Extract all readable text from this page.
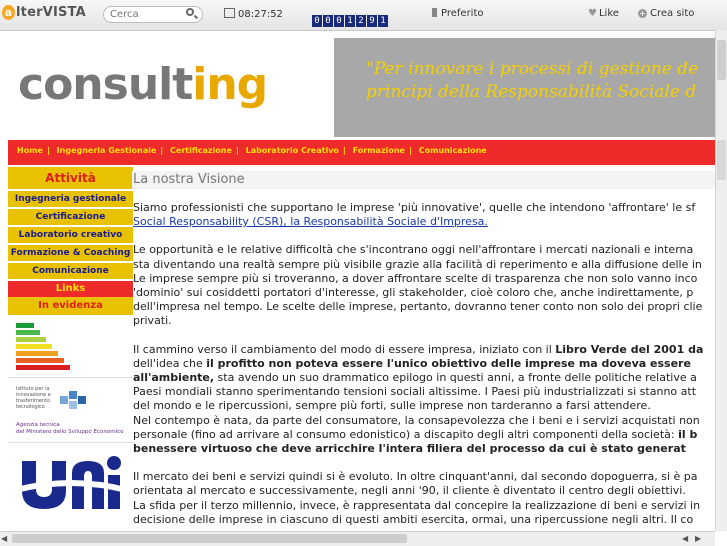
a lterVISTA
Cerca	08:27:52
0 0 0 1 2 9 1
Preferito	♥ Like	+ Crea sito
consulting	"Per innovare i processi di gestione de
principi della Responsabilità Sociale d
Home | Ingegneria Gestionale | Certificazione | Laboratorio Creativo | Formazione | Comunicazione
Attività
Ingegneria gestionale
Certificazione
Laboratorio creativo
Formazione & Coaching
Comunicazione
Links
In evidenza
Istituto per la innovazione e trasferimento tecnologico
Agenzia tecnica
del Ministero dello Sviluppo Economico
La nostra Visione

Siamo professionisti che supportano le imprese 'più innovative', quelle che intendono 'affrontare' le sf
Social Responsability (CSR), la Responsabilità Sociale d'Impresa.

Le opportunità e le relative difficoltà che s'incontrano oggi nell'affrontare i mercati nazionali e interna
sta diventando una realtà sempre più visibile grazie alla facilità di reperimento e alla diffusione delle in
Le imprese sempre più si troveranno, a dover affrontare scelte di trasparenza che non solo vanno inco
'dominio' sui cosiddetti portatori d'interesse, gli stakeholder, cioè coloro che, anche indirettamente, p
dell'impresa nel tempo. Le scelte delle imprese, pertanto, dovranno tener conto non solo dei propri clie
privati.

Il cammino verso il cambiamento del modo di essere impresa, iniziato con il Libro Verde del 2001 da
dell'idea che il profitto non poteva essere l'unico obiettivo delle imprese ma doveva essere
all'ambiente, sta avendo un suo drammatico epilogo in questi anni, a fronte delle politiche relative a
Paesi mondiali stanno sperimentando tensioni sociali altissime. I Paesi più industrializzati si stanno att
del mondo e le ripercussioni, sempre più forti, sulle imprese non tarderanno a farsi attendere.
Nel contempo è nata, da parte del consumatore, la consapevolezza che i beni e i servizi acquistati non
personale (fino ad arrivare al consumo edonistico) a discapito degli altri componenti della società: il b
benessere virtuoso che deve arricchire l'intera filiera del processo da cui è stato generat

Il mercato dei beni e servizi quindi si è evoluto. In oltre cinquant'anni, dal secondo dopoguerra, si è pa
orientata al mercato e successivamente, negli anni '90, il cliente è diventato il centro degli obiettivi.
La sfida per il terzo millennio, invece, è rappresentata dal concepire la realizzazione di beni e servizi in
decisione delle imprese in ciascuno di questi ambiti esercita, ormai, una ripercussione negli altri. Il co

◀	◀ ▶
